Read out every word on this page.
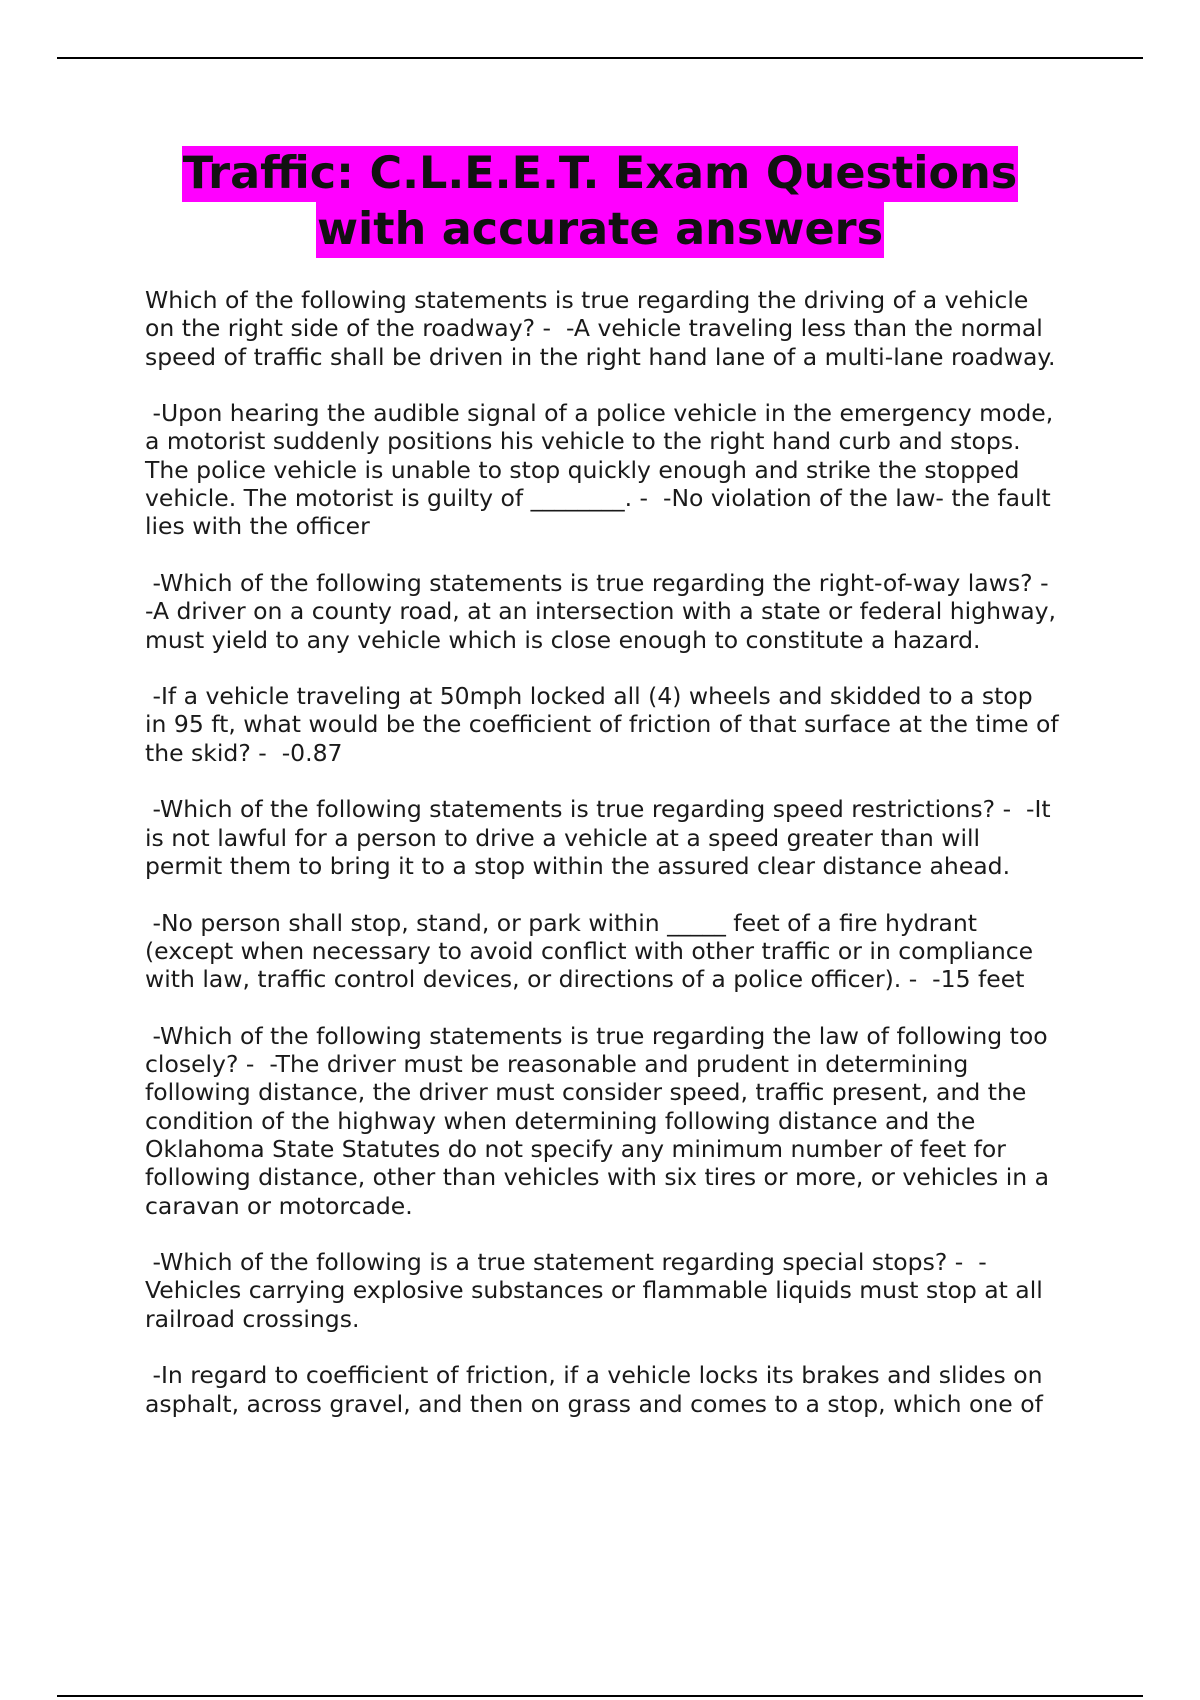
Traffic: C.L.E.E.T. Exam Questions
with accurate answers
Which of the following statements is true regarding the driving of a vehicle
on the right side of the roadway? -  -A vehicle traveling less than the normal
speed of traffic shall be driven in the right hand lane of a multi-lane roadway.
-Upon hearing the audible signal of a police vehicle in the emergency mode,
a motorist suddenly positions his vehicle to the right hand curb and stops.
The police vehicle is unable to stop quickly enough and strike the stopped
vehicle. The motorist is guilty of ________. -  -No violation of the law- the fault
lies with the officer
-Which of the following statements is true regarding the right-of-way laws? -
-A driver on a county road, at an intersection with a state or federal highway,
must yield to any vehicle which is close enough to constitute a hazard.
-If a vehicle traveling at 50mph locked all (4) wheels and skidded to a stop
in 95 ft, what would be the coefficient of friction of that surface at the time of
the skid? -  -0.87
-Which of the following statements is true regarding speed restrictions? -  -It
is not lawful for a person to drive a vehicle at a speed greater than will
permit them to bring it to a stop within the assured clear distance ahead.
-No person shall stop, stand, or park within _____ feet of a fire hydrant
(except when necessary to avoid conflict with other traffic or in compliance
with law, traffic control devices, or directions of a police officer). -  -15 feet
-Which of the following statements is true regarding the law of following too
closely? -  -The driver must be reasonable and prudent in determining
following distance, the driver must consider speed, traffic present, and the
condition of the highway when determining following distance and the
Oklahoma State Statutes do not specify any minimum number of feet for
following distance, other than vehicles with six tires or more, or vehicles in a
caravan or motorcade.
-Which of the following is a true statement regarding special stops? -  -
Vehicles carrying explosive substances or flammable liquids must stop at all
railroad crossings.
-In regard to coefficient of friction, if a vehicle locks its brakes and slides on
asphalt, across gravel, and then on grass and comes to a stop, which one of
